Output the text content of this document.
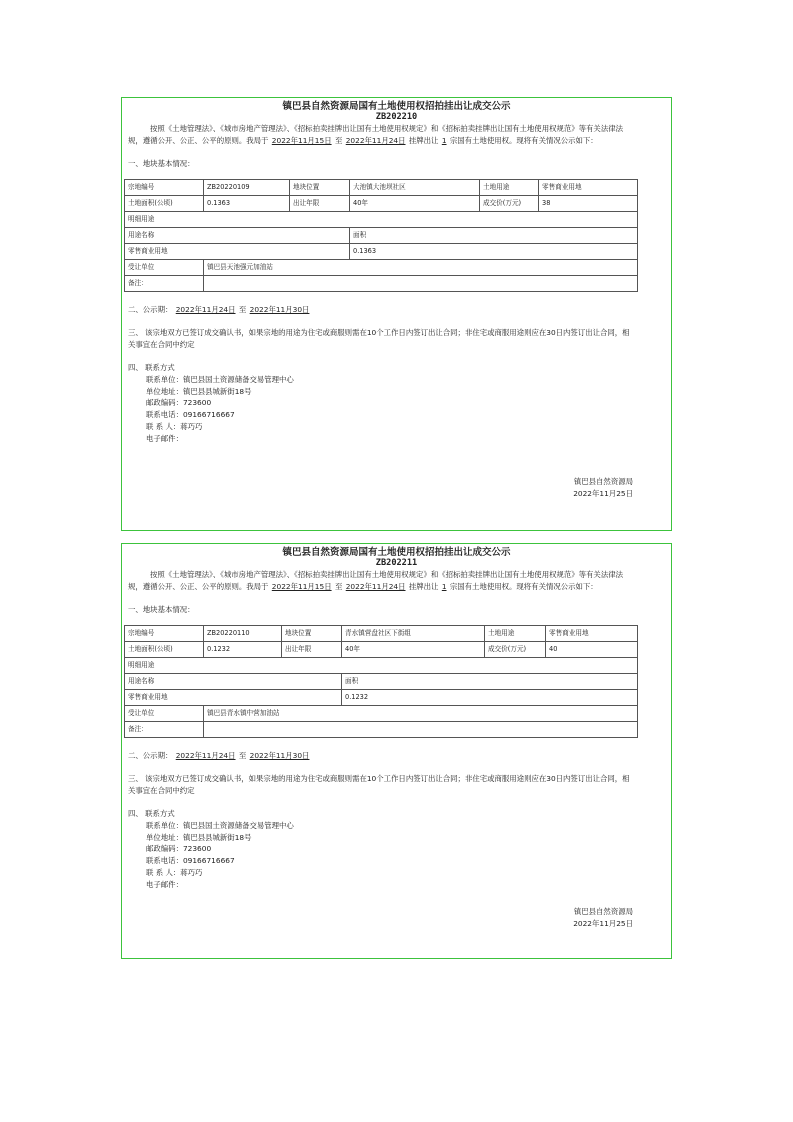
镇巴县自然资源局国有土地使用权招拍挂出让成交公示
ZB202210
按照《土地管理法》、《城市房地产管理法》、《招标拍卖挂牌出让国有土地使用权规定》和《招标拍卖挂牌出让国有土地使用权规范》等有关法律法规，遵循公开、公正、公平的原则。我局于 2022年11月15日 至 2022年11月24日 挂牌出让 1 宗国有土地使用权。现将有关情况公示如下：
一、地块基本情况：
宗地编号	ZB20220109	地块位置	大池镇大池坝社区	土地用途	零售商业用地
土地面积(公顷)	0.1363	出让年限	40年	成交价(万元)	38
明细用途					
用途名称			面积		
零售商业用地			0.1363		
受让单位	镇巴县天池强元加油站				
备注：					
二、公示期： 2022年11月24日 至 2022年11月30日
三、 该宗地双方已签订成交确认书，如果宗地的用途为住宅或商服则需在10个工作日内签订出让合同；非住宅或商服用途则应在30日内签订出让合同，相关事宜在合同中约定
四、 联系方式
联系单位：镇巴县国土资源储备交易管理中心
单位地址：镇巴县县城新街18号
邮政编码：723600
联系电话：09166716667
联 系 人：蒋巧巧
电子邮件：
镇巴县自然资源局
2022年11月25日
镇巴县自然资源局国有土地使用权招拍挂出让成交公示
ZB202211
按照《土地管理法》、《城市房地产管理法》、《招标拍卖挂牌出让国有土地使用权规定》和《招标拍卖挂牌出让国有土地使用权规范》等有关法律法规，遵循公开、公正、公平的原则。我局于 2022年11月15日 至 2022年11月24日 挂牌出让 1 宗国有土地使用权。现将有关情况公示如下：
一、地块基本情况：
宗地编号	ZB20220110	地块位置	青水镇营盘社区下街组	土地用途	零售商业用地
土地面积(公顷)	0.1232	出让年限	40年	成交价(万元)	40
明细用途					
用途名称			面积		
零售商业用地			0.1232		
受让单位	镇巴县青水镇中营加油站				
备注：					
二、公示期： 2022年11月24日 至 2022年11月30日
三、 该宗地双方已签订成交确认书，如果宗地的用途为住宅或商服则需在10个工作日内签订出让合同；非住宅或商服用途则应在30日内签订出让合同，相关事宜在合同中约定
四、 联系方式
联系单位：镇巴县国土资源储备交易管理中心
单位地址：镇巴县县城新街18号
邮政编码：723600
联系电话：09166716667
联 系 人：蒋巧巧
电子邮件：
镇巴县自然资源局
2022年11月25日
